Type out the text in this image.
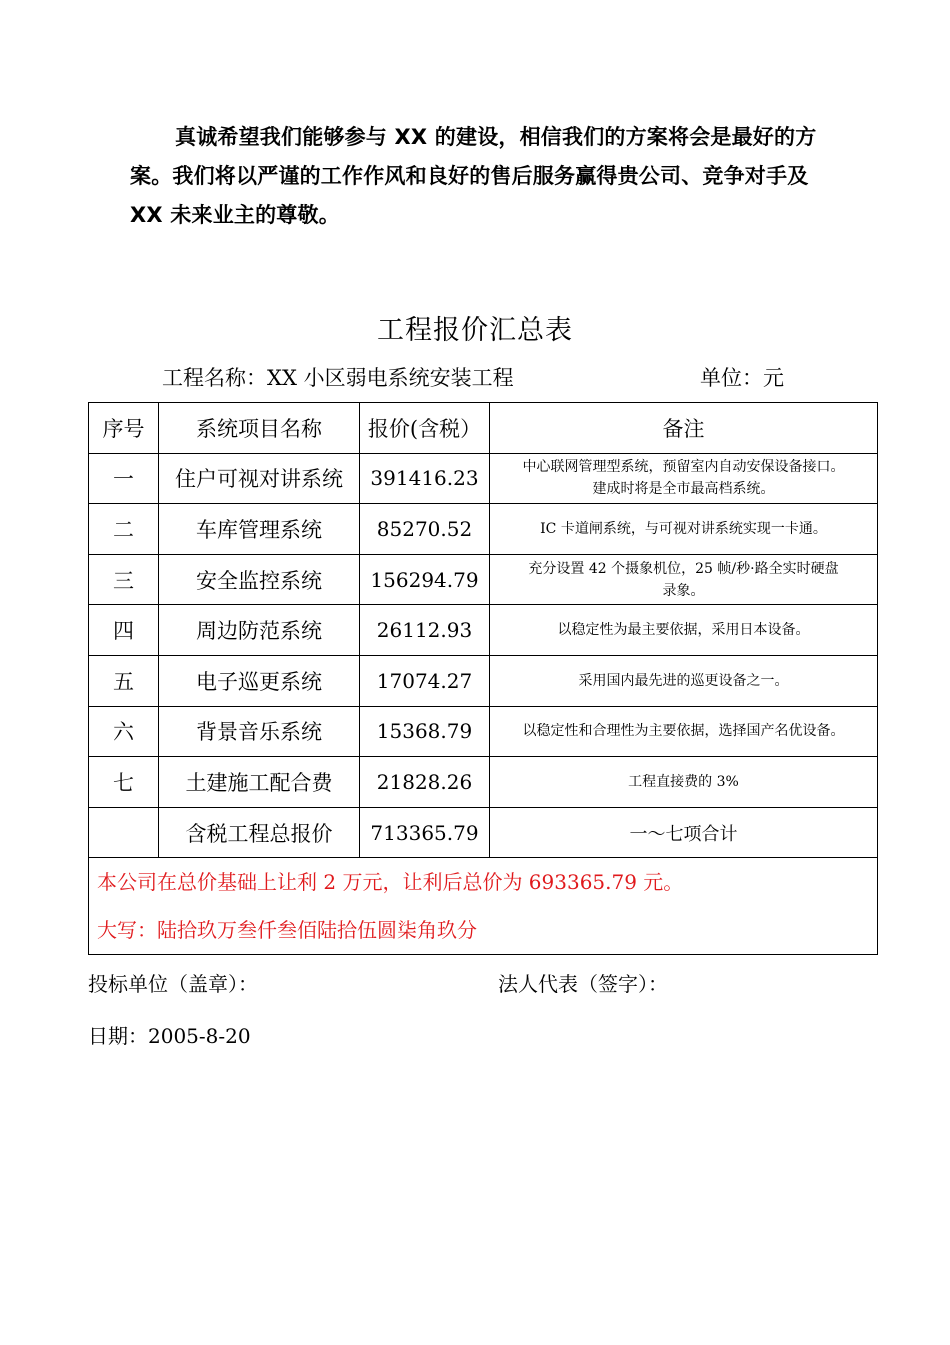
真诚希望我们能够参与 XX 的建设，相信我们的方案将会是最好的方
案。我们将以严谨的工作作风和良好的售后服务赢得贵公司、竞争对手及
XX 未来业主的尊敬。
工程报价汇总表
工程名称：XX 小区弱电系统安装工程	单位：元
序号	系统项目名称	报价(含税）	备注
一	住户可视对讲系统	391416.23	中心联网管理型系统，预留室内自动安保设备接口。
建成时将是全市最高档系统。

二	车库管理系统	85270.52	IC 卡道闸系统，与可视对讲系统实现一卡通。

三	安全监控系统	156294.79	充分设置 42 个摄象机位，25 帧/秒·路全实时硬盘
录象。

四	周边防范系统	26112.93	以稳定性为最主要依据，采用日本设备。

五	电子巡更系统	17074.27	采用国内最先进的巡更设备之一。

六	背景音乐系统	15368.79	以稳定性和合理性为主要依据，选择国产名优设备。

七	土建施工配合费	21828.26	工程直接费的 3%

	含税工程总报价	713365.79	一～七项合计

本公司在总价基础上让利 2 万元，让利后总价为 693365.79 元。
大写：陆拾玖万叁仟叁佰陆拾伍圆柒角玖分			
投标单位（盖章）：	法人代表（签字）：
日期：2005-8-20
